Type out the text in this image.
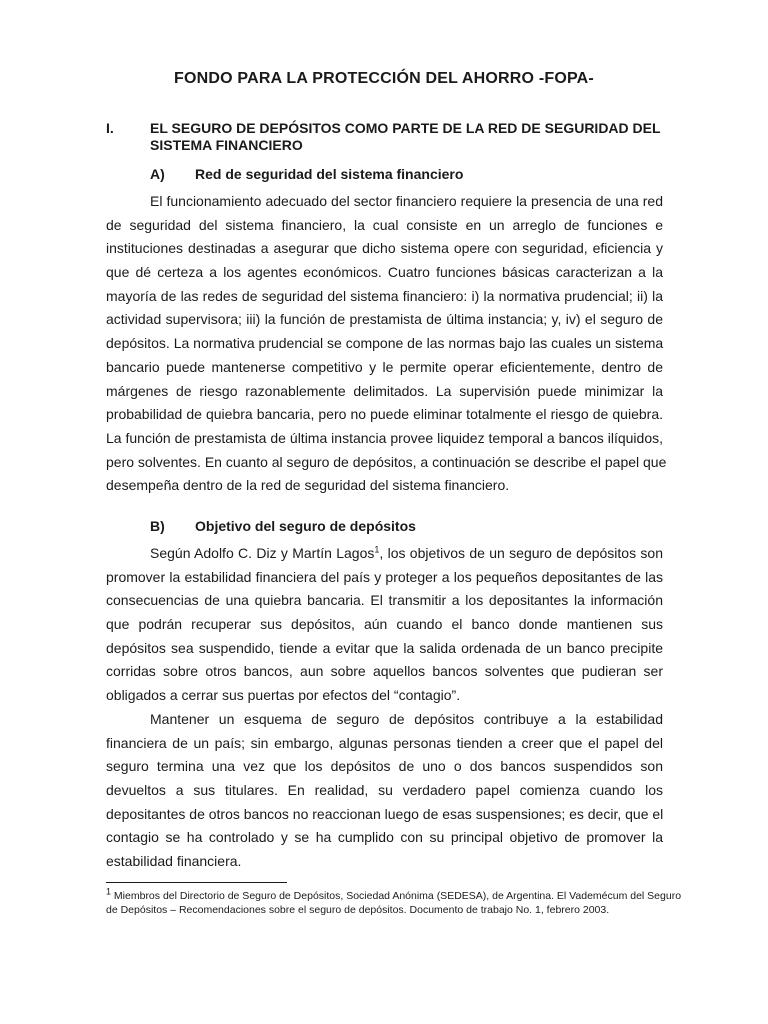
FONDO PARA LA PROTECCIÓN DEL AHORRO -FOPA-
I.	EL SEGURO DE DEPÓSITOS COMO PARTE DE LA RED DE SEGURIDAD DEL
SISTEMA FINANCIERO
A) Red de seguridad del sistema financiero
El funcionamiento adecuado del sector financiero requiere la presencia de una red
de seguridad del sistema financiero, la cual consiste en un arreglo de funciones e
instituciones destinadas a asegurar que dicho sistema opere con seguridad, eficiencia y
que dé certeza a los agentes económicos. Cuatro funciones básicas caracterizan a la
mayoría de las redes de seguridad del sistema financiero: i) la normativa prudencial; ii) la
actividad supervisora; iii) la función de prestamista de última instancia; y, iv) el seguro de
depósitos. La normativa prudencial se compone de las normas bajo las cuales un sistema
bancario puede mantenerse competitivo y le permite operar eficientemente, dentro de
márgenes de riesgo razonablemente delimitados. La supervisión puede minimizar la
probabilidad de quiebra bancaria, pero no puede eliminar totalmente el riesgo de quiebra.
La función de prestamista de última instancia provee liquidez temporal a bancos ilíquidos,
pero solventes. En cuanto al seguro de depósitos, a continuación se describe el papel que
desempeña dentro de la red de seguridad del sistema financiero.
B) Objetivo del seguro de depósitos
Según Adolfo C. Diz y Martín Lagos$^1$, los objetivos de un seguro de depósitos son
promover la estabilidad financiera del país y proteger a los pequeños depositantes de las
consecuencias de una quiebra bancaria. El transmitir a los depositantes la información
que podrán recuperar sus depósitos, aún cuando el banco donde mantienen sus
depósitos sea suspendido, tiende a evitar que la salida ordenada de un banco precipite
corridas sobre otros bancos, aun sobre aquellos bancos solventes que pudieran ser
obligados a cerrar sus puertas por efectos del “contagio”.
Mantener un esquema de seguro de depósitos contribuye a la estabilidad
financiera de un país; sin embargo, algunas personas tienden a creer que el papel del
seguro termina una vez que los depósitos de uno o dos bancos suspendidos son
devueltos a sus titulares. En realidad, su verdadero papel comienza cuando los
depositantes de otros bancos no reaccionan luego de esas suspensiones; es decir, que el
contagio se ha controlado y se ha cumplido con su principal objetivo de promover la
estabilidad financiera.
$^1$ Miembros del Directorio de Seguro de Depósitos, Sociedad Anónima (SEDESA), de Argentina. El Vademécum del Seguro
de Depósitos – Recomendaciones sobre el seguro de depósitos. Documento de trabajo No. 1, febrero 2003.
